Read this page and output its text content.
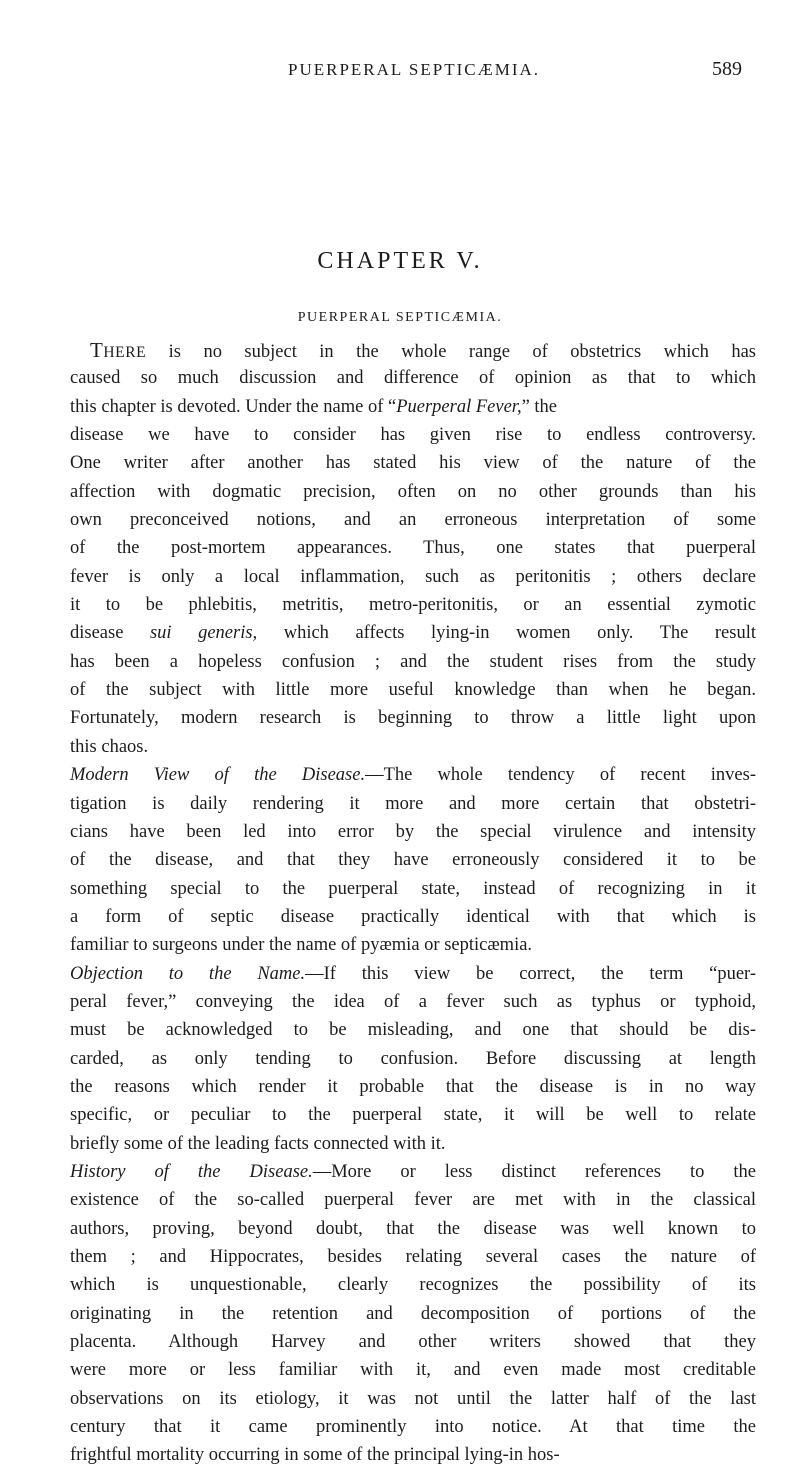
PUERPERAL SEPTICÆMIA.	589
CHAPTER V.
PUERPERAL SEPTICÆMIA.
THERE is no subject in the whole range of obstetrics which has
caused so much discussion and difference of opinion as that to which
this chapter is devoted. Under the name of “Puerperal Fever,” the
disease we have to consider has given rise to endless controversy.
One writer after another has stated his view of the nature of the
affection with dogmatic precision, often on no other grounds than his
own preconceived notions, and an erroneous interpretation of some
of the post-mortem appearances. Thus, one states that puerperal
fever is only a local inflammation, such as peritonitis ; others declare
it to be phlebitis, metritis, metro-peritonitis, or an essential zymotic
disease sui generis, which affects lying-in women only. The result
has been a hopeless confusion ; and the student rises from the study
of the subject with little more useful knowledge than when he began.
Fortunately, modern research is beginning to throw a little light upon
this chaos.
Modern View of the Disease.—The whole tendency of recent inves-
tigation is daily rendering it more and more certain that obstetri-
cians have been led into error by the special virulence and intensity
of the disease, and that they have erroneously considered it to be
something special to the puerperal state, instead of recognizing in it
a form of septic disease practically identical with that which is
familiar to surgeons under the name of pyæmia or septicæmia.
Objection to the Name.—If this view be correct, the term “puer-
peral fever,” conveying the idea of a fever such as typhus or typhoid,
must be acknowledged to be misleading, and one that should be dis-
carded, as only tending to confusion. Before discussing at length
the reasons which render it probable that the disease is in no way
specific, or peculiar to the puerperal state, it will be well to relate
briefly some of the leading facts connected with it.
History of the Disease.—More or less distinct references to the
existence of the so-called puerperal fever are met with in the classical
authors, proving, beyond doubt, that the disease was well known to
them ; and Hippocrates, besides relating several cases the nature of
which is unquestionable, clearly recognizes the possibility of its
originating in the retention and decomposition of portions of the
placenta. Although Harvey and other writers showed that they
were more or less familiar with it, and even made most creditable
observations on its etiology, it was not until the latter half of the last
century that it came prominently into notice. At that time the
frightful mortality occurring in some of the principal lying-in hos-
